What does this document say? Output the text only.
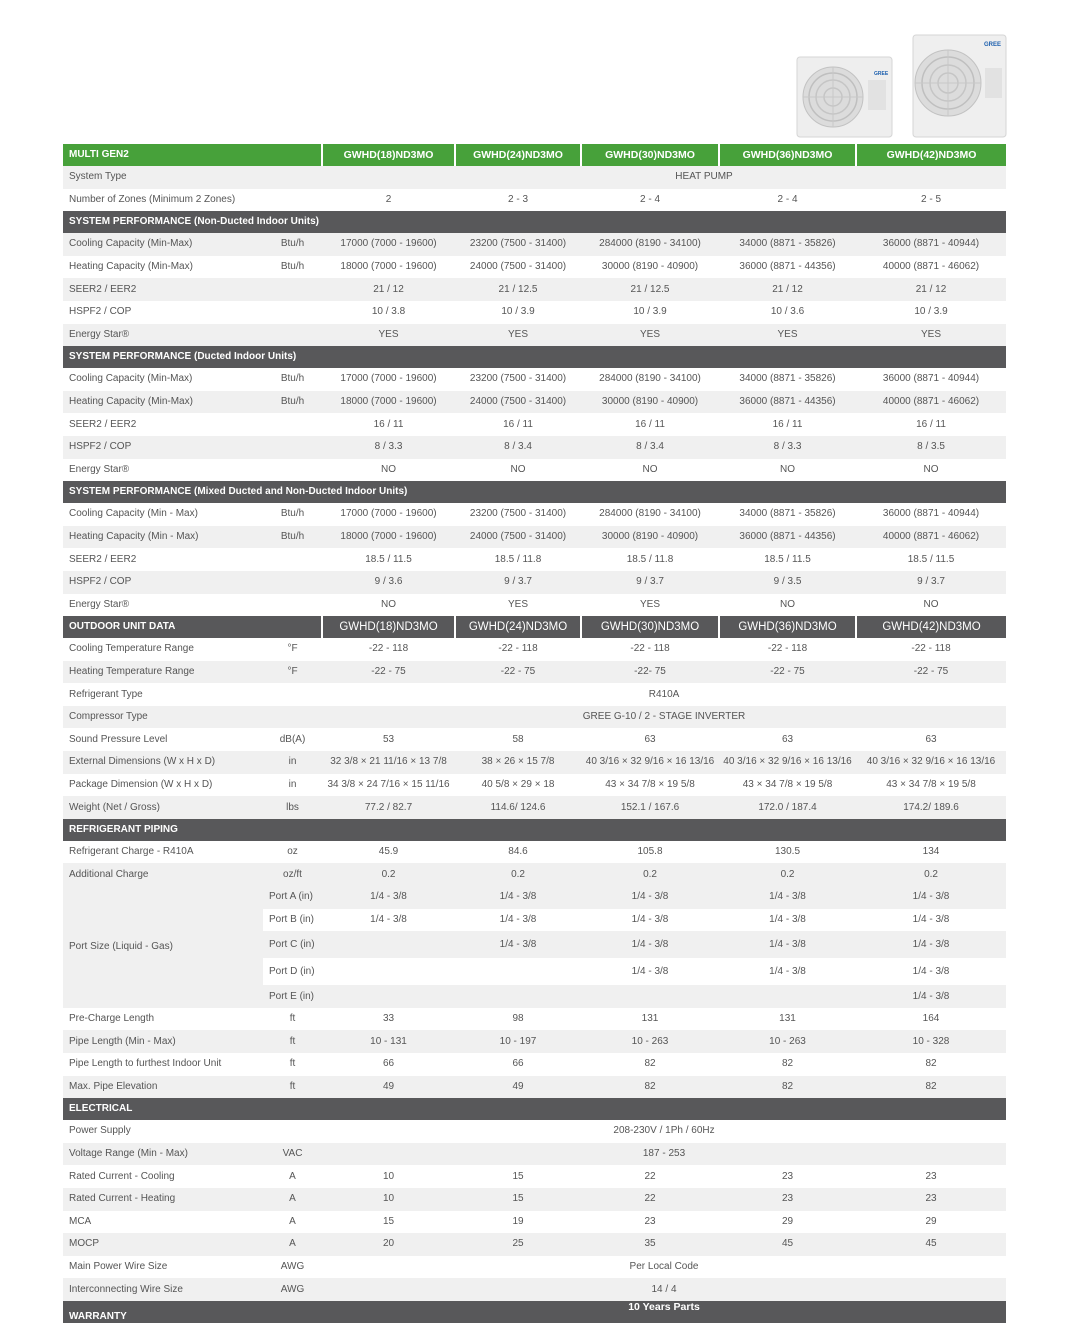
GREE
GREE
MULTI GEN2		GWHD(18)ND3MO	GWHD(24)ND3MO	GWHD(30)ND3MO	GWHD(36)ND3MO	GWHD(42)ND3MO
System Type		HEAT PUMP				
Number of Zones (Minimum 2 Zones)		2	2 - 3	2 - 4	2 - 4	2 - 5
SYSTEM PERFORMANCE (Non-Ducted Indoor Units)						
Cooling Capacity (Min-Max)	Btu/h	17000 (7000 - 19600)	23200 (7500 - 31400)	284000 (8190 - 34100)	34000 (8871 - 35826)	36000 (8871 - 40944)
Heating Capacity (Min-Max)	Btu/h	18000 (7000 - 19600)	24000 (7500 - 31400)	30000 (8190 - 40900)	36000 (8871 - 44356)	40000 (8871 - 46062)
SEER2 / EER2		21 / 12	21 / 12.5	21 / 12.5	21 / 12	21 / 12
HSPF2 / COP		10 / 3.8	10 / 3.9	10 / 3.9	10 / 3.6	10 / 3.9
Energy Star®		YES	YES	YES	YES	YES
SYSTEM PERFORMANCE (Ducted Indoor Units)						
Cooling Capacity (Min-Max)	Btu/h	17000 (7000 - 19600)	23200 (7500 - 31400)	284000 (8190 - 34100)	34000 (8871 - 35826)	36000 (8871 - 40944)
Heating Capacity (Min-Max)	Btu/h	18000 (7000 - 19600)	24000 (7500 - 31400)	30000 (8190 - 40900)	36000 (8871 - 44356)	40000 (8871 - 46062)
SEER2 / EER2		16 / 11	16 / 11	16 / 11	16 / 11	16 / 11
HSPF2 / COP		8 / 3.3	8 / 3.4	8 / 3.4	8 / 3.3	8 / 3.5
Energy Star®		NO	NO	NO	NO	NO
SYSTEM PERFORMANCE (Mixed Ducted and Non-Ducted Indoor Units)						
Cooling Capacity (Min - Max)	Btu/h	17000 (7000 - 19600)	23200 (7500 - 31400)	284000 (8190 - 34100)	34000 (8871 - 35826)	36000 (8871 - 40944)
Heating Capacity (Min - Max)	Btu/h	18000 (7000 - 19600)	24000 (7500 - 31400)	30000 (8190 - 40900)	36000 (8871 - 44356)	40000 (8871 - 46062)
SEER2 / EER2		18.5 / 11.5	18.5 / 11.8	18.5 / 11.8	18.5 / 11.5	18.5 / 11.5
HSPF2 / COP		9 / 3.6	9 / 3.7	9 / 3.7	9 / 3.5	9 / 3.7
Energy Star®		NO	YES	YES	NO	NO
OUTDOOR UNIT DATA		GWHD(18)ND3MO	GWHD(24)ND3MO	GWHD(30)ND3MO	GWHD(36)ND3MO	GWHD(42)ND3MO
Cooling Temperature Range	°F	-22 - 118	-22 - 118	-22 - 118	-22 - 118	-22 - 118
Heating Temperature Range	°F	-22 - 75	-22 - 75	-22- 75	-22 - 75	-22 - 75
Refrigerant Type		R410A				
Compressor Type		GREE G-10 / 2 - STAGE INVERTER				
Sound Pressure Level	dB(A)	53	58	63	63	63
External Dimensions (W x H x D)	in	32 3/8 × 21 11/16 × 13 7/8	38 × 26 × 15 7/8	40 3/16 × 32 9/16 × 16 13/16	40 3/16 × 32 9/16 × 16 13/16	40 3/16 × 32 9/16 × 16 13/16
Package Dimension (W x H x D)	in	34 3/8 × 24 7/16 × 15 11/16	40 5/8 × 29 × 18	43 × 34 7/8 × 19 5/8	43 × 34 7/8 × 19 5/8	43 × 34 7/8 × 19 5/8
Weight (Net / Gross)	lbs	77.2 / 82.7	114.6/ 124.6	152.1 / 167.6	172.0 / 187.4	174.2/ 189.6
REFRIGERANT PIPING						
Refrigerant Charge - R410A	oz	45.9	84.6	105.8	130.5	134
Additional Charge	oz/ft	0.2	0.2	0.2	0.2	0.2
Port Size (Liquid - Gas)	Port A (in)	1/4 - 3/8	1/4 - 3/8	1/4 - 3/8	1/4 - 3/8	1/4 - 3/8
	Port B (in)	1/4 - 3/8	1/4 - 3/8	1/4 - 3/8	1/4 - 3/8	1/4 - 3/8
	Port C (in)		1/4 - 3/8	1/4 - 3/8	1/4 - 3/8	1/4 - 3/8
	Port D (in)			1/4 - 3/8	1/4 - 3/8	1/4 - 3/8
	Port E (in)					1/4 - 3/8
Pre-Charge Length	ft	33	98	131	131	164
Pipe Length (Min - Max)	ft	10 - 131	10 - 197	10 - 263	10 - 263	10 - 328
Pipe Length to furthest Indoor Unit	ft	66	66	82	82	82
Max. Pipe Elevation	ft	49	49	82	82	82
ELECTRICAL						
Power Supply		208-230V / 1Ph / 60Hz				
Voltage Range (Min - Max)	VAC	187 - 253				
Rated Current - Cooling	A	10	15	22	23	23
Rated Current - Heating	A	10	15	22	23	23
MCA	A	15	19	23	29	29
MOCP	A	20	25	35	45	45
Main Power Wire Size	AWG	Per Local Code				
Interconnecting Wire Size	AWG	14 / 4				
WARRANTY		10 Years Parts				
